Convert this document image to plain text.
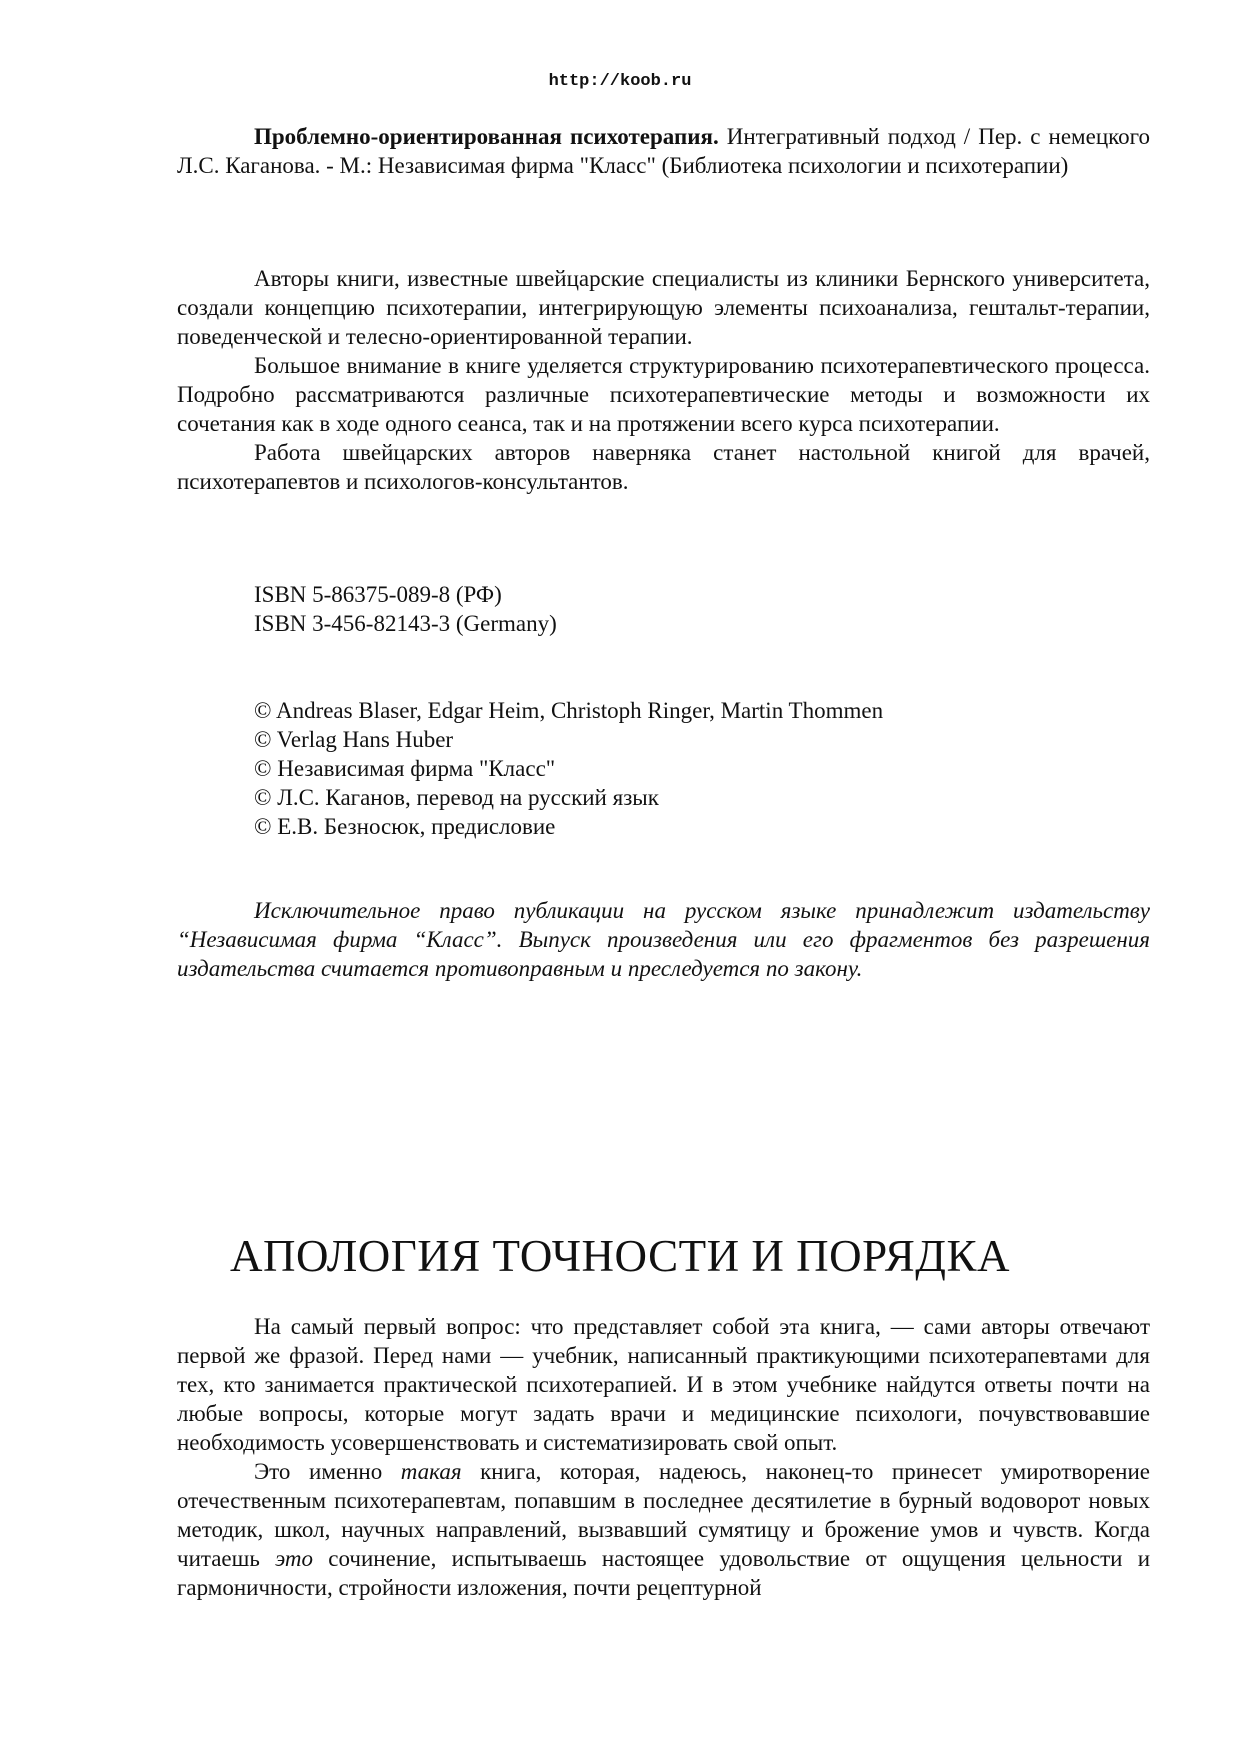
http://koob.ru

Проблемно-ориентированная психотерапия. Интегративный подход / Пер. с немецкого Л.С. Каганова. - М.: Независимая фирма "Класс" (Библиотека психологии и психотерапии)

Авторы книги, известные швейцарские специалисты из клиники Бернского университета, создали концепцию психотерапии, интегрирующую элементы психоанализа, гештальт-терапии, поведенческой и телесно-ориентированной терапии.

Большое внимание в книге уделяется структурированию психотерапевтического процесса. Подробно рассматриваются различные психотерапевтические методы и возможности их сочетания как в ходе одного сеанса, так и на протяжении всего курса психотерапии.

Работа швейцарских авторов наверняка станет настольной книгой для врачей, психотерапевтов и психологов-консультантов.

ISBN 5-86375-089-8 (РФ)
ISBN 3-456-82143-3 (Germany)
© Andreas Blaser, Edgar Heim, Christoph Ringer, Martin Thommen
© Verlag Hans Huber
© Независимая фирма "Класс"
© Л.С. Каганов, перевод на русский язык
© Е.В. Безносюк, предисловие

Исключительное право публикации на русском языке принадлежит издательству “Независимая фирма “Класс”. Выпуск произведения или его фрагментов без разрешения издательства считается противоправным и преследуется по закону.

АПОЛОГИЯ ТОЧНОСТИ И ПОРЯДКА

На самый первый вопрос: что представляет собой эта книга, — сами авторы отвечают первой же фразой. Перед нами — учебник, написанный практикующими психотерапевтами для тех, кто занимается практической психотерапией. И в этом учебнике найдутся ответы почти на любые вопросы, которые могут задать врачи и медицинские психологи, почувствовавшие необходимость усовершенствовать и систематизировать свой опыт.

Это именно такая книга, которая, надеюсь, наконец-то принесет умиротворение отечественным психотерапевтам, попавшим в последнее десятилетие в бурный водоворот новых методик, школ, научных направлений, вызвавший сумятицу и брожение умов и чувств. Когда читаешь это сочинение, испытываешь настоящее удовольствие от ощущения цельности и гармоничности, стройности изложения, почти рецептурной
